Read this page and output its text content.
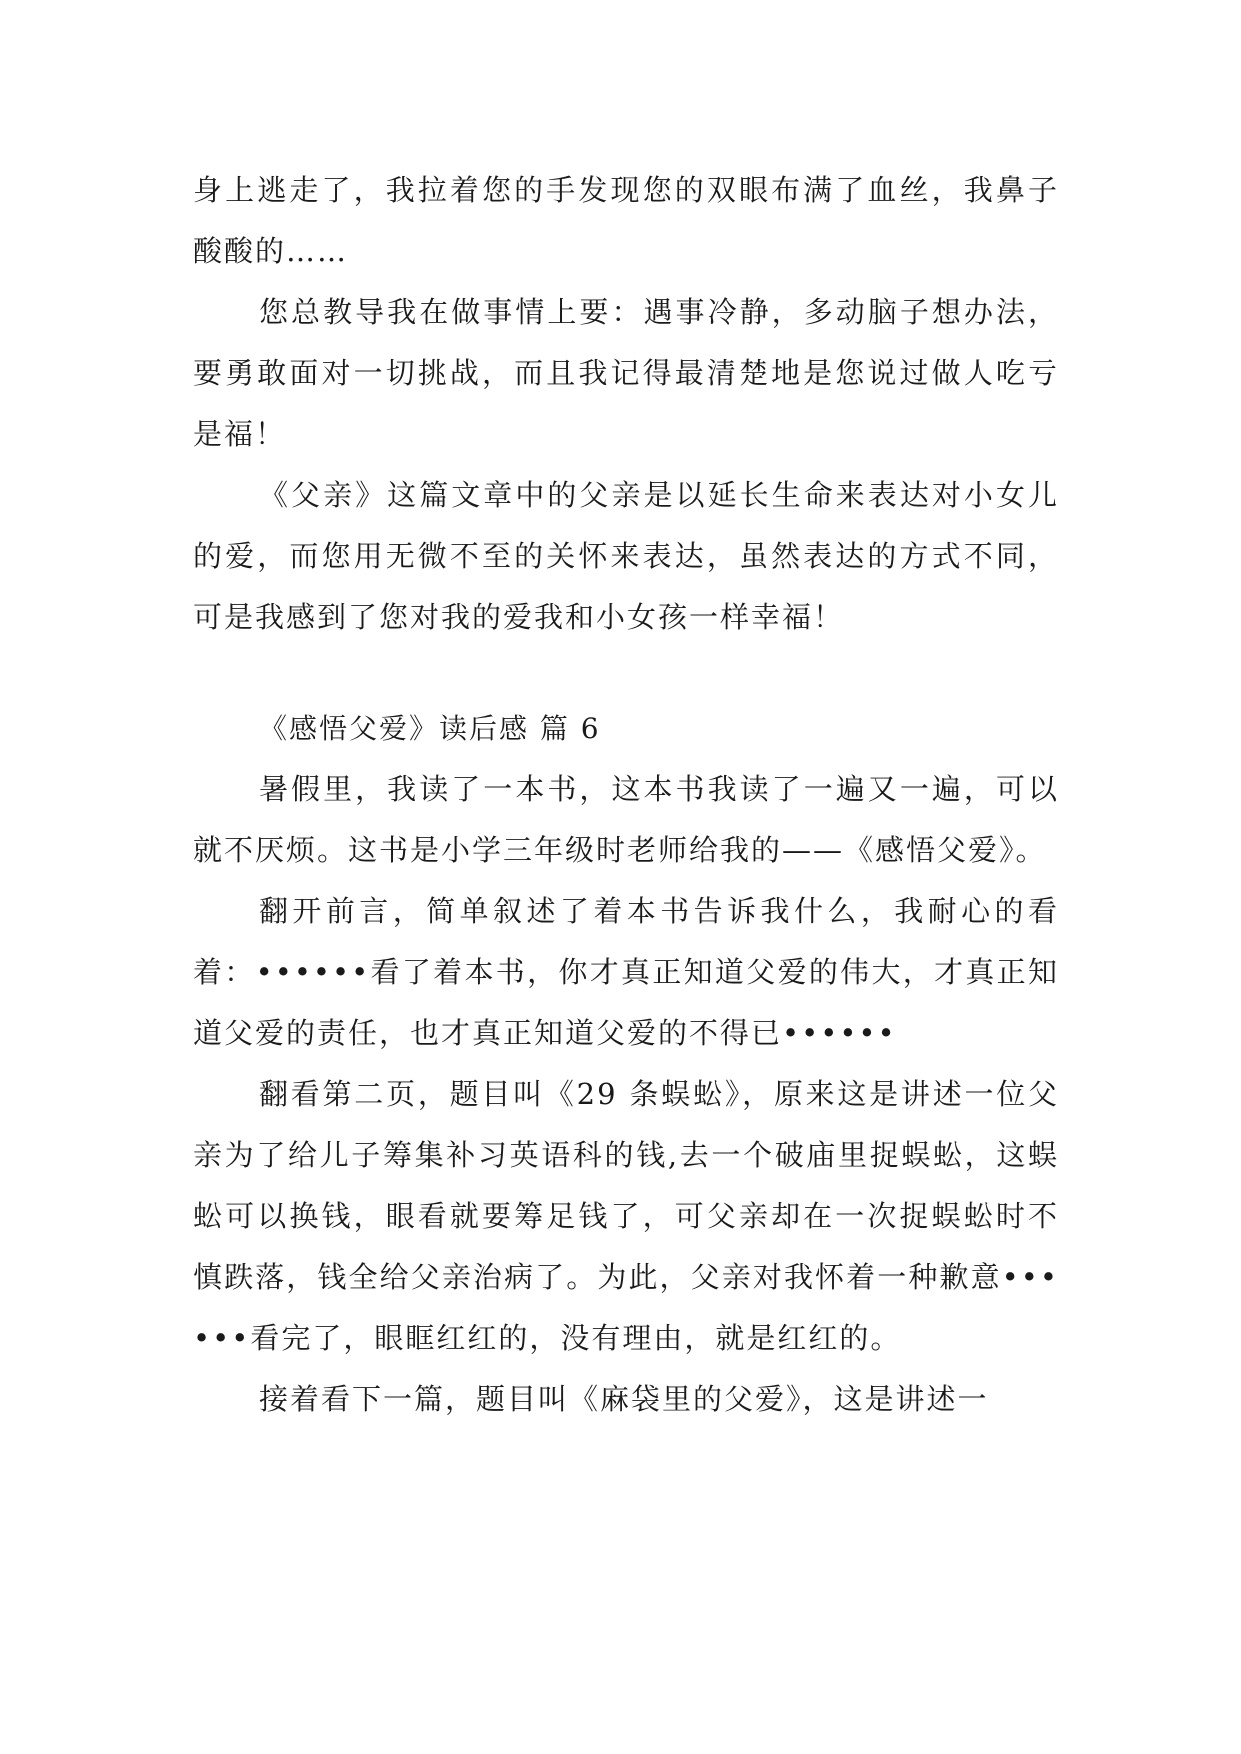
身上逃走了，我拉着您的手发现您的双眼布满了血丝，我鼻子酸酸的……

您总教导我在做事情上要：遇事冷静，多动脑子想办法，要勇敢面对一切挑战，而且我记得最清楚地是您说过做人吃亏是福！

《父亲》这篇文章中的父亲是以延长生命来表达对小女儿的爱，而您用无微不至的关怀来表达，虽然表达的方式不同，可是我感到了您对我的爱我和小女孩一样幸福！

《感悟父爱》读后感 篇 6

暑假里，我读了一本书，这本书我读了一遍又一遍，可以就不厌烦。这书是小学三年级时老师给我的——《感悟父爱》。

翻开前言，简单叙述了着本书告诉我什么，我耐心的看着：••••••看了着本书，你才真正知道父爱的伟大，才真正知道父爱的责任，也才真正知道父爱的不得已••••••

翻看第二页，题目叫《29 条蜈蚣》，原来这是讲述一位父亲为了给儿子筹集补习英语科的钱,去一个破庙里捉蜈蚣，这蜈蚣可以换钱，眼看就要筹足钱了，可父亲却在一次捉蜈蚣时不慎跌落，钱全给父亲治病了。为此，父亲对我怀着一种歉意••••••看完了，眼眶红红的，没有理由，就是红红的。

接着看下一篇，题目叫《麻袋里的父爱》，这是讲述一
